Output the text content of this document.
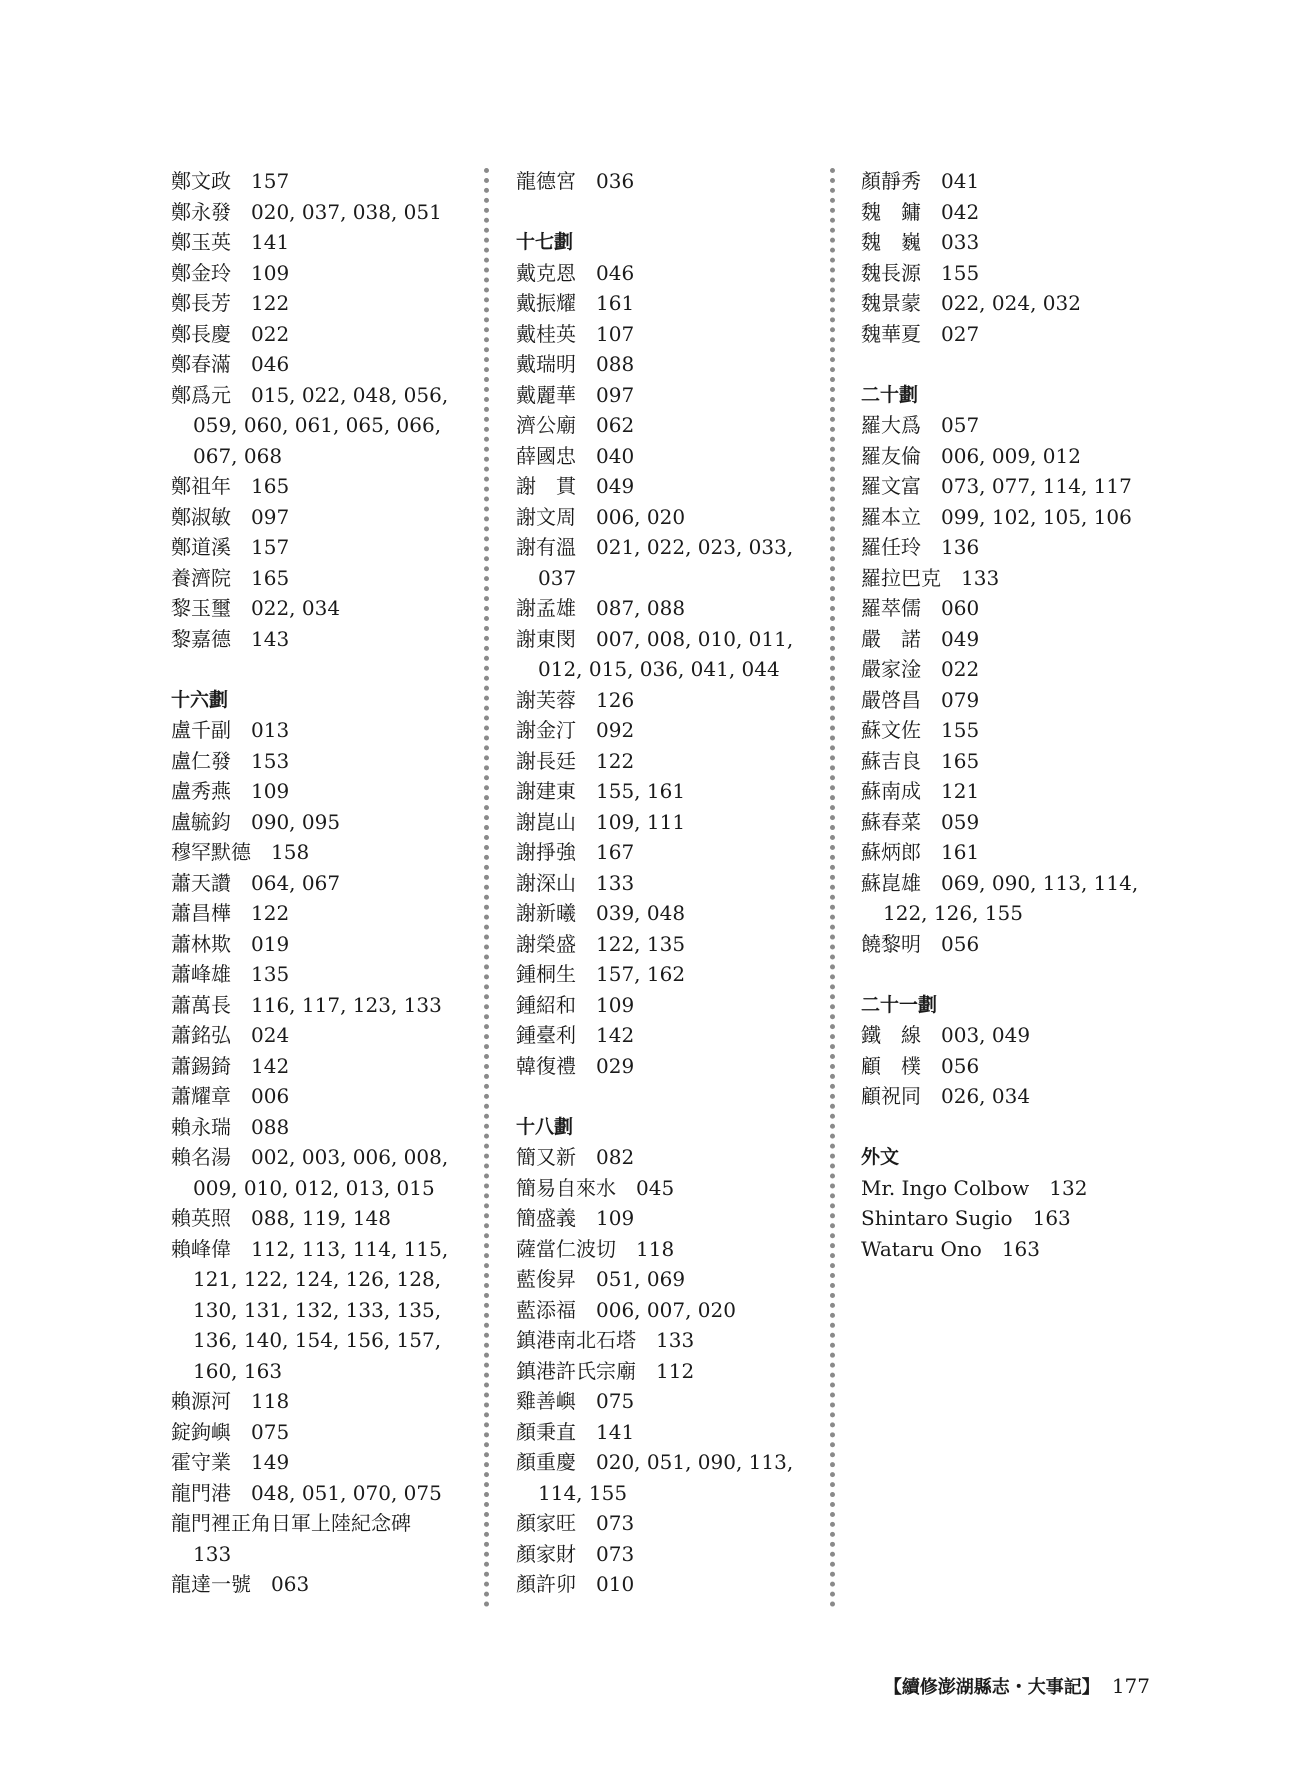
鄭文政 157
鄭永發 020, 037, 038, 051
鄭玉英 141
鄭金玲 109
鄭長芳 122
鄭長慶 022
鄭春滿 046
鄭爲元 015, 022, 048, 056,
059, 060, 061, 065, 066,
067, 068
鄭祖年 165
鄭淑敏 097
鄭道溪 157
養濟院 165
黎玉璽 022, 034
黎嘉德 143
十六劃
盧千副 013
盧仁發 153
盧秀燕 109
盧毓鈞 090, 095
穆罕默德 158
蕭天讚 064, 067
蕭昌樺 122
蕭林欺 019
蕭峰雄 135
蕭萬長 116, 117, 123, 133
蕭銘弘 024
蕭錫錡 142
蕭耀章 006
賴永瑞 088
賴名湯 002, 003, 006, 008,
009, 010, 012, 013, 015
賴英照 088, 119, 148
賴峰偉 112, 113, 114, 115,
121, 122, 124, 126, 128,
130, 131, 132, 133, 135,
136, 140, 154, 156, 157,
160, 163
賴源河 118
錠鉤嶼 075
霍守業 149
龍門港 048, 051, 070, 075
龍門裡正角日軍上陸紀念碑
133
龍達一號 063
龍德宮 036
十七劃
戴克恩 046
戴振耀 161
戴桂英 107
戴瑞明 088
戴麗華 097
濟公廟 062
薛國忠 040
謝　貫 049
謝文周 006, 020
謝有溫 021, 022, 023, 033,
037
謝孟雄 087, 088
謝東閔 007, 008, 010, 011,
012, 015, 036, 041, 044
謝芙蓉 126
謝金汀 092
謝長廷 122
謝建東 155, 161
謝崑山 109, 111
謝掙強 167
謝深山 133
謝新曦 039, 048
謝榮盛 122, 135
鍾桐生 157, 162
鍾紹和 109
鍾臺利 142
韓復禮 029
十八劃
簡又新 082
簡易自來水 045
簡盛義 109
薩當仁波切 118
藍俊昇 051, 069
藍添福 006, 007, 020
鎮港南北石塔 133
鎮港許氏宗廟 112
雞善嶼 075
顏秉直 141
顏重慶 020, 051, 090, 113,
114, 155
顏家旺 073
顏家財 073
顏許卯 010
顏靜秀 041
魏　鏞 042
魏　巍 033
魏長源 155
魏景蒙 022, 024, 032
魏華夏 027
二十劃
羅大爲 057
羅友倫 006, 009, 012
羅文富 073, 077, 114, 117
羅本立 099, 102, 105, 106
羅任玲 136
羅拉巴克 133
羅萃儒 060
嚴　諾 049
嚴家淦 022
嚴啓昌 079
蘇文佐 155
蘇吉良 165
蘇南成 121
蘇春菜 059
蘇炳郎 161
蘇崑雄 069, 090, 113, 114,
122, 126, 155
饒黎明 056
二十一劃
鐵　線 003, 049
顧　樸 056
顧祝同 026, 034
外文
Mr. Ingo Colbow 132
Shintaro Sugio 163
Wataru Ono 163
【續修澎湖縣志・大事記】 177
